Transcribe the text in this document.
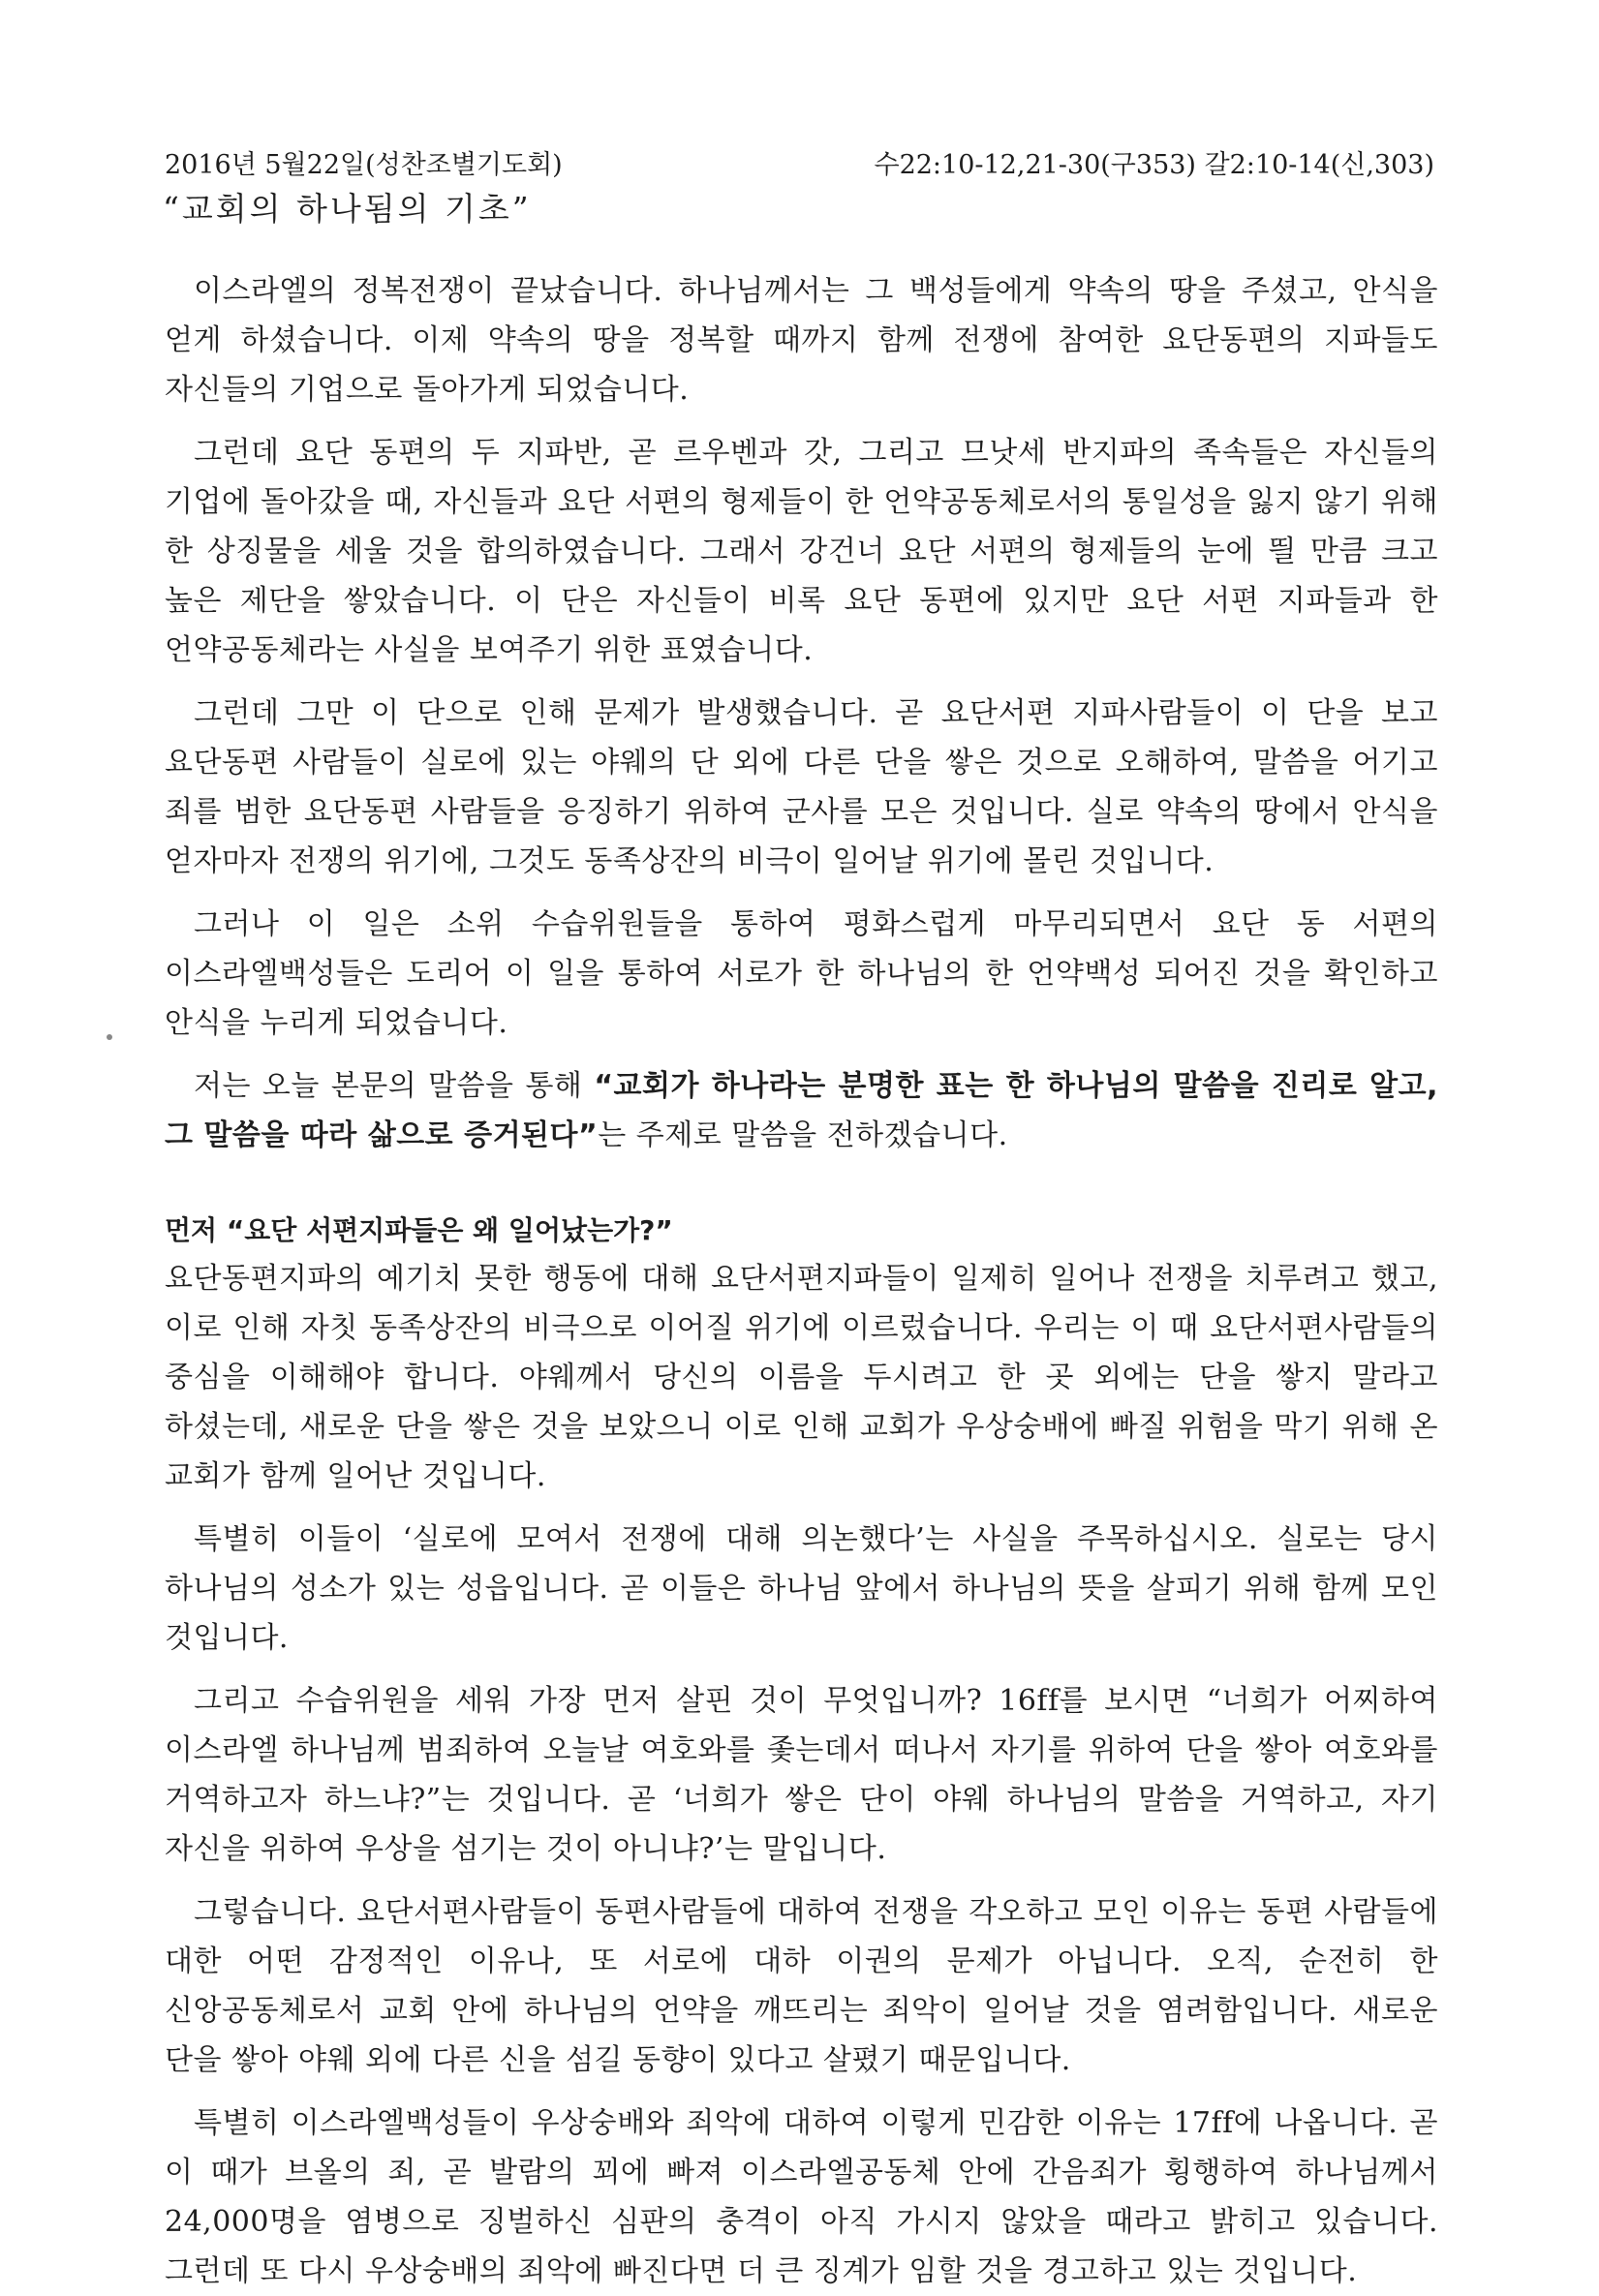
2016년 5월22일(성찬조별기도회)	수22:10-12,21-30(구353) 갈2:10-14(신,303)
“교회의 하나됨의 기초”

이스라엘의 정복전쟁이 끝났습니다. 하나님께서는 그 백성들에게 약속의 땅을 주셨고, 안식을 얻게 하셨습니다. 이제 약속의 땅을 정복할 때까지 함께 전쟁에 참여한 요단동편의 지파들도 자신들의 기업으로 돌아가게 되었습니다.

그런데 요단 동편의 두 지파반, 곧 르우벤과 갓, 그리고 므낫세 반지파의 족속들은 자신들의 기업에 돌아갔을 때, 자신들과 요단 서편의 형제들이 한 언약공동체로서의 통일성을 잃지 않기 위해 한 상징물을 세울 것을 합의하였습니다. 그래서 강건너 요단 서편의 형제들의 눈에 띌 만큼 크고 높은 제단을 쌓았습니다. 이 단은 자신들이 비록 요단 동편에 있지만 요단 서편 지파들과 한 언약공동체라는 사실을 보여주기 위한 표였습니다.

그런데 그만 이 단으로 인해 문제가 발생했습니다. 곧 요단서편 지파사람들이 이 단을 보고 요단동편 사람들이 실로에 있는 야웨의 단 외에 다른 단을 쌓은 것으로 오해하여, 말씀을 어기고 죄를 범한 요단동편 사람들을 응징하기 위하여 군사를 모은 것입니다. 실로 약속의 땅에서 안식을 얻자마자 전쟁의 위기에, 그것도 동족상잔의 비극이 일어날 위기에 몰린 것입니다.

그러나 이 일은 소위 수습위원들을 통하여 평화스럽게 마무리되면서 요단 동 서편의 이스라엘백성들은 도리어 이 일을 통하여 서로가 한 하나님의 한 언약백성 되어진 것을 확인하고 안식을 누리게 되었습니다.

저는 오늘 본문의 말씀을 통해 “교회가 하나라는 분명한 표는 한 하나님의 말씀을 진리로 알고, 그 말씀을 따라 삶으로 증거된다”는 주제로 말씀을 전하겠습니다.

먼저 “요단 서편지파들은 왜 일어났는가?”

요단동편지파의 예기치 못한 행동에 대해 요단서편지파들이 일제히 일어나 전쟁을 치루려고 했고, 이로 인해 자칫 동족상잔의 비극으로 이어질 위기에 이르렀습니다. 우리는 이 때 요단서편사람들의 중심을 이해해야 합니다. 야웨께서 당신의 이름을 두시려고 한 곳 외에는 단을 쌓지 말라고 하셨는데, 새로운 단을 쌓은 것을 보았으니 이로 인해 교회가 우상숭배에 빠질 위험을 막기 위해 온 교회가 함께 일어난 것입니다.

특별히 이들이 ‘실로에 모여서 전쟁에 대해 의논했다’는 사실을 주목하십시오. 실로는 당시 하나님의 성소가 있는 성읍입니다. 곧 이들은 하나님 앞에서 하나님의 뜻을 살피기 위해 함께 모인 것입니다.

그리고 수습위원을 세워 가장 먼저 살핀 것이 무엇입니까? 16ff를 보시면 “너희가 어찌하여 이스라엘 하나님께 범죄하여 오늘날 여호와를 좇는데서 떠나서 자기를 위하여 단을 쌓아 여호와를 거역하고자 하느냐?”는 것입니다. 곧 ‘너희가 쌓은 단이 야웨 하나님의 말씀을 거역하고, 자기 자신을 위하여 우상을 섬기는 것이 아니냐?’는 말입니다.

그렇습니다. 요단서편사람들이 동편사람들에 대하여 전쟁을 각오하고 모인 이유는 동편 사람들에 대한 어떤 감정적인 이유나, 또 서로에 대하 이권의 문제가 아닙니다. 오직, 순전히 한 신앙공동체로서 교회 안에 하나님의 언약을 깨뜨리는 죄악이 일어날 것을 염려함입니다. 새로운 단을 쌓아 야웨 외에 다른 신을 섬길 동향이 있다고 살폈기 때문입니다.

특별히 이스라엘백성들이 우상숭배와 죄악에 대하여 이렇게 민감한 이유는 17ff에 나옵니다. 곧 이 때가 브올의 죄, 곧 발람의 꾀에 빠져 이스라엘공동체 안에 간음죄가 횡행하여 하나님께서 24,000명을 염병으로 징벌하신 심판의 충격이 아직 가시지 않았을 때라고 밝히고 있습니다. 그런데 또 다시 우상숭배의 죄악에 빠진다면 더 큰 징계가 임할 것을 경고하고 있는 것입니다.
